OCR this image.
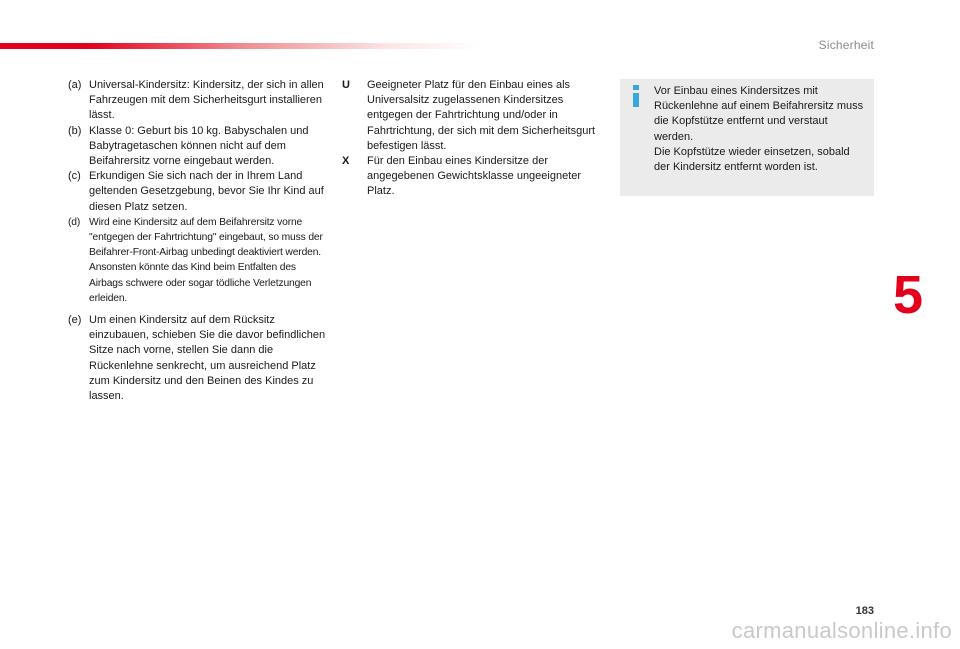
Sicherheit
(a) Universal-Kindersitz: Kindersitz, der sich in allen Fahrzeugen mit dem Sicherheitsgurt installieren lässt.
(b) Klasse 0: Geburt bis 10 kg. Babyschalen und Babytragetaschen können nicht auf dem Beifahrersitz vorne eingebaut werden.
(c) Erkundigen Sie sich nach der in Ihrem Land geltenden Gesetzgebung, bevor Sie Ihr Kind auf diesen Platz setzen.
(d) Wird eine Kindersitz auf dem Beifahrersitz vorne "entgegen der Fahrtrichtung" eingebaut, so muss der Beifahrer-Front-Airbag unbedingt deaktiviert werden. Ansonsten könnte das Kind beim Entfalten des Airbags schwere oder sogar tödliche Verletzungen erleiden.
(e) Um einen Kindersitz auf dem Rücksitz einzubauen, schieben Sie die davor befindlichen Sitze nach vorne, stellen Sie dann die Rückenlehne senkrecht, um ausreichend Platz zum Kindersitz und den Beinen des Kindes zu lassen.
U	Geeigneter Platz für den Einbau eines als Universalsitz zugelassenen Kindersitzes entgegen der Fahrtrichtung und/oder in Fahrtrichtung, der sich mit dem Sicherheitsgurt befestigen lässt.
X	Für den Einbau eines Kindersitze der angegebenen Gewichtsklasse ungeeigneter Platz.
Vor Einbau eines Kindersitzes mit Rückenlehne auf einem Beifahrersitz muss die Kopfstütze entfernt und verstaut werden.
Die Kopfstütze wieder einsetzen, sobald der Kindersitz entfernt worden ist.
5
183
carmanualsonline.info
